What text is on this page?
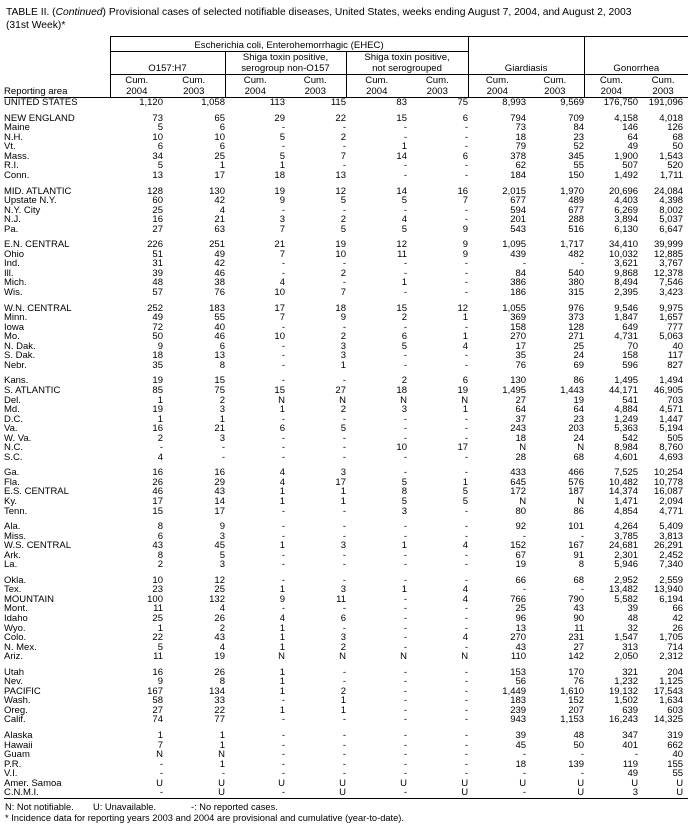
TABLE II. (Continued) Provisional cases of selected notifiable diseases, United States, weeks ending August 7, 2004, and August 2, 2003
(31st Week)*
	Escherichia coli, Enterohemorrhagic (EHEC)									
			Shiga toxin positive,		Shiga toxin positive,					
	O157:H7		serogroup non-O157		not serogrouped		Giardiasis		Gonorrhea	
	Cum.	Cum.	Cum.	Cum.	Cum.	Cum.	Cum.	Cum.	Cum.	Cum.
Reporting area	2004	2003	2004	2003	2004	2003	2004	2003	2004	2003
UNITED STATES	1,120	1,058	113	115	83	75	8,993	9,569	176,750	191,096

NEW ENGLAND	73	65	29	22	15	6	794	709	4,158	4,018
Maine	5	6	-	-	-	-	73	84	146	126
N.H.	10	10	5	2	-	-	18	23	64	68
Vt.	6	6	-	-	1	-	79	52	49	50
Mass.	34	25	5	7	14	6	378	345	1,900	1,543
R.I.	5	1	1	-	-	-	62	55	507	520
Conn.	13	17	18	13	-	-	184	150	1,492	1,711

MID. ATLANTIC	128	130	19	12	14	16	2,015	1,970	20,696	24,084
Upstate N.Y.	60	42	9	5	5	7	677	489	4,403	4,398
N.Y. City	25	4	-	-	-	-	594	677	6,269	8,002
N.J.	16	21	3	2	4	-	201	288	3,894	5,037
Pa.	27	63	7	5	5	9	543	516	6,130	6,647

E.N. CENTRAL	226	251	21	19	12	9	1,095	1,717	34,410	39,999
Ohio	51	49	7	10	11	9	439	482	10,032	12,885
Ind.	31	42	-	-	-	-	-	-	3,621	3,767
Ill.	39	46	-	2	-	-	84	540	9,868	12,378
Mich.	48	38	4	-	1	-	386	380	8,494	7,546
Wis.	57	76	10	7	-	-	186	315	2,395	3,423

W.N. CENTRAL	252	183	17	18	15	12	1,055	976	9,546	9,975
Minn.	49	55	7	9	2	1	369	373	1,847	1,657
Iowa	72	40	-	-	-	-	158	128	649	777
Mo.	50	46	10	2	6	1	270	271	4,731	5,063
N. Dak.	9	6	-	3	5	4	17	25	70	40
S. Dak.	18	13	-	3	-	-	35	24	158	117
Nebr.	35	8	-	1	-	-	76	69	596	827

Kans.	19	15	-	-	2	6	130	86	1,495	1,494
S. ATLANTIC	85	75	15	27	18	19	1,495	1,443	44,171	46,905
Del.	1	2	N	N	N	N	27	19	541	703
Md.	19	3	1	2	3	1	64	64	4,884	4,571
D.C.	1	1	-	-	-	-	37	23	1,249	1,447
Va.	16	21	6	5	-	-	243	203	5,363	5,194
W. Va.	2	3	-	-	-	-	18	24	542	505
N.C.	-	-	-	-	10	17	N	N	8,984	8,760
S.C.	4	-	-	-	-	-	28	68	4,601	4,693

Ga.	16	16	4	3	-	-	433	466	7,525	10,254
Fla.	26	29	4	17	5	1	645	576	10,482	10,778
E.S. CENTRAL	46	43	1	1	8	5	172	187	14,374	16,087
Ky.	17	14	1	1	5	5	N	N	1,471	2,094
Tenn.	15	17	-	-	3	-	80	86	4,854	4,771

Ala.	8	9	-	-	-	-	92	101	4,264	5,409
Miss.	6	3	-	-	-	-	-	-	3,785	3,813
W.S. CENTRAL	43	45	1	3	1	4	152	167	24,681	26,291
Ark.	8	5	-	-	-	-	67	91	2,301	2,452
La.	2	3	-	-	-	-	19	8	5,946	7,340

Okla.	10	12	-	-	-	-	66	68	2,952	2,559
Tex.	23	25	1	3	1	4	-	-	13,482	13,940
MOUNTAIN	100	132	9	11	-	4	766	790	5,582	6,194
Mont.	11	4	-	-	-	-	25	43	39	66
Idaho	25	26	4	6	-	-	96	90	48	42
Wyo.	1	2	1	-	-	-	13	11	32	26
Colo.	22	43	1	3	-	4	270	231	1,547	1,705
N. Mex.	5	4	1	2	-	-	43	27	313	714
Ariz.	11	19	N	N	N	N	110	142	2,050	2,312

Utah	16	26	1	-	-	-	153	170	321	204
Nev.	9	8	1	-	-	-	56	76	1,232	1,125
PACIFIC	167	134	1	2	-	-	1,449	1,610	19,132	17,543
Wash.	58	33	-	1	-	-	183	152	1,502	1,634
Oreg.	27	22	1	1	-	-	239	207	639	603
Calif.	74	77	-	-	-	-	943	1,153	16,243	14,325

Alaska	1	1	-	-	-	-	39	48	347	319
Hawaii	7	1	-	-	-	-	45	50	401	662
Guam	N	N	-	-	-	-	-	-	-	40
P.R.	-	1	-	-	-	-	18	139	119	155
V.I.	-	-	-	-	-	-	-	-	49	55
Amer. Samoa	U	U	U	U	U	U	U	U	U	U
C.N.M.I.	-	U	-	U	-	U	-	U	3	U
N: Not notifiable. U: Unavailable.	-: No reported cases.
* Incidence data for reporting years 2003 and 2004 are provisional and cumulative (year-to-date).
